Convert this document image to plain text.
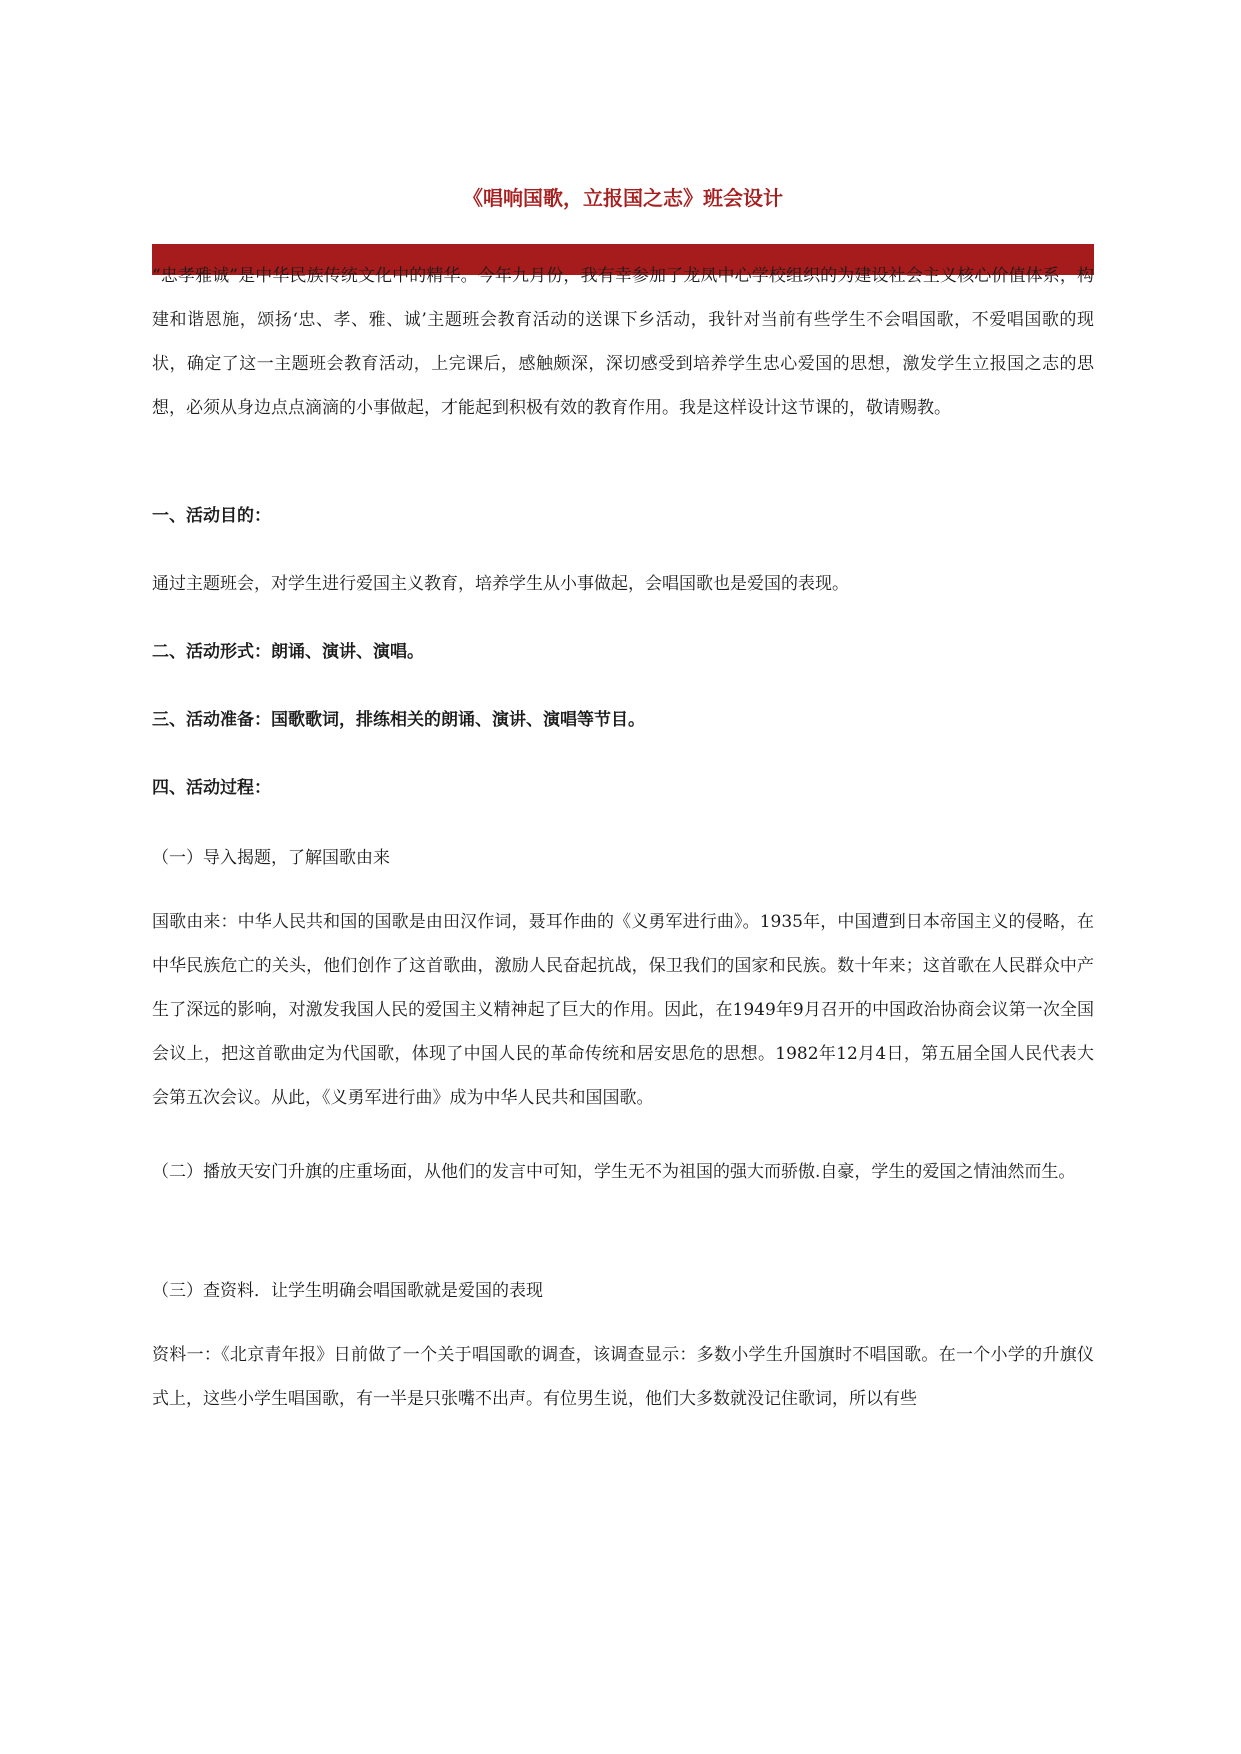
《唱响国歌，立报国之志》班会设计

“忠孝雅诚”是中华民族传统文化中的精华。今年九月份，我有幸参加了龙凤中心学校组织的为建设社会主义核心价值体系，构建和谐恩施，颂扬‘忠、孝、雅、诚’主题班会教育活动的送课下乡活动，我针对当前有些学生不会唱国歌，不爱唱国歌的现状，确定了这一主题班会教育活动，上完课后，感触颇深，深切感受到培养学生忠心爱国的思想，激发学生立报国之志的思想，必须从身边点点滴滴的小事做起，才能起到积极有效的教育作用。我是这样设计这节课的，敬请赐教。

一、活动目的：

通过主题班会，对学生进行爱国主义教育，培养学生从小事做起，会唱国歌也是爱国的表现。

二、活动形式：朗诵、演讲、演唱。

三、活动准备：国歌歌词，排练相关的朗诵、演讲、演唱等节目。

四、活动过程：

（一）导入揭题，了解国歌由来

国歌由来：中华人民共和国的国歌是由田汉作词，聂耳作曲的《义勇军进行曲》。1935年，中国遭到日本帝国主义的侵略，在中华民族危亡的关头，他们创作了这首歌曲，激励人民奋起抗战，保卫我们的国家和民族。数十年来；这首歌在人民群众中产生了深远的影响，对激发我国人民的爱国主义精神起了巨大的作用。因此，在1949年9月召开的中国政治协商会议第一次全国会议上，把这首歌曲定为代国歌，体现了中国人民的革命传统和居安思危的思想。1982年12月4日，第五届全国人民代表大会第五次会议。从此，《义勇军进行曲》成为中华人民共和国国歌。

（二）播放天安门升旗的庄重场面，从他们的发言中可知，学生无不为祖国的强大而骄傲.自豪，学生的爱国之情油然而生。

（三）查资料．让学生明确会唱国歌就是爱国的表现

资料一：《北京青年报》日前做了一个关于唱国歌的调查，该调查显示：多数小学生升国旗时不唱国歌。在一个小学的升旗仪式上，这些小学生唱国歌，有一半是只张嘴不出声。有位男生说，他们大多数就没记住歌词，所以有些
